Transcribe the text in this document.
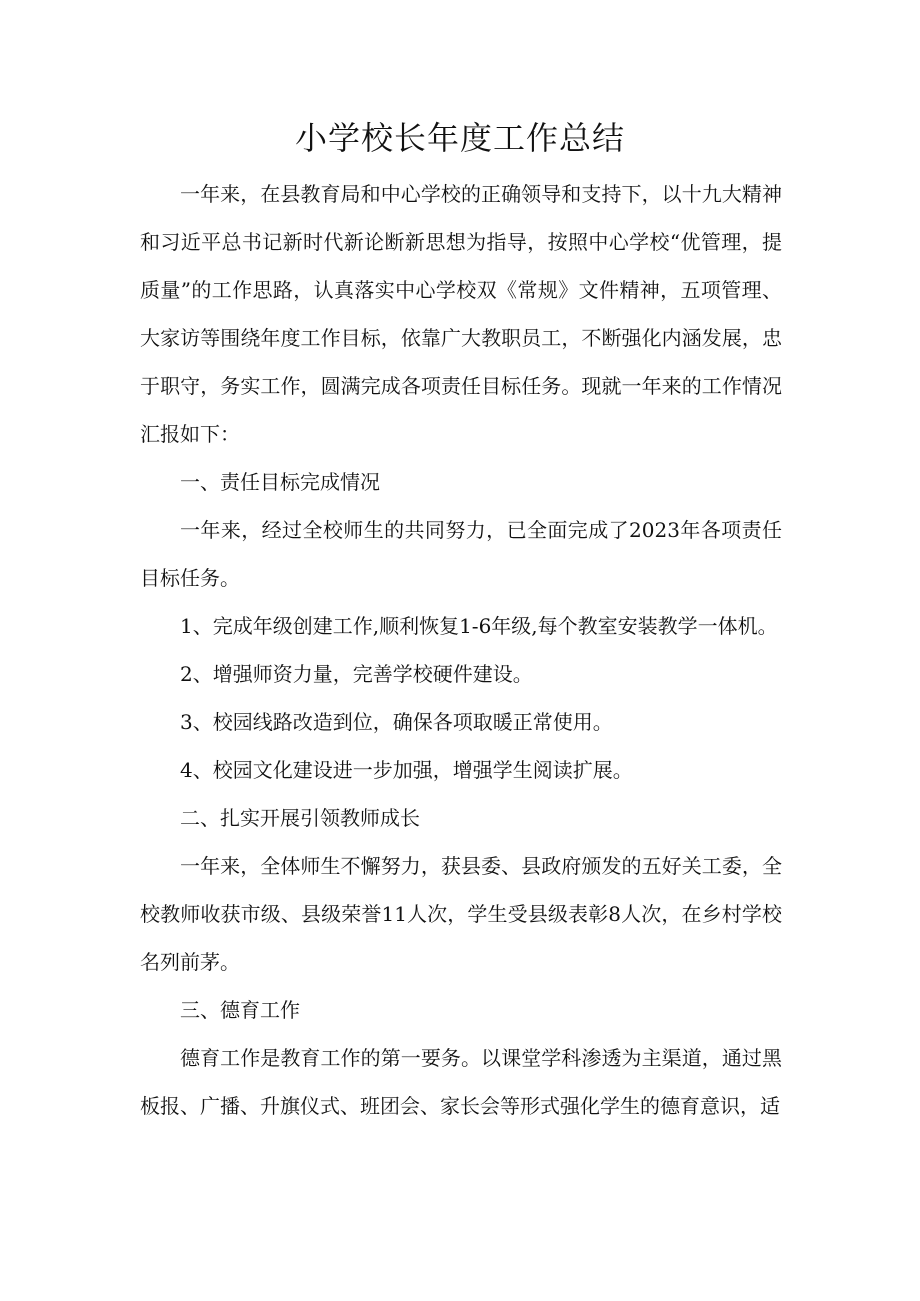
小学校长年度工作总结

一年来，在县教育局和中心学校的正确领导和支持下，以十九大精神和习近平总书记新时代新论断新思想为指导，按照中心学校“优管理，提质量”的工作思路，认真落实中心学校双《常规》文件精神，五项管理、大家访等围绕年度工作目标，依靠广大教职员工，不断强化内涵发展，忠于职守，务实工作，圆满完成各项责任目标任务。现就一年来的工作情况汇报如下：

一、责任目标完成情况

一年来，经过全校师生的共同努力，已全面完成了2023年各项责任目标任务。

1、完成年级创建工作,顺利恢复1-6年级,每个教室安装教学一体机。

2、增强师资力量，完善学校硬件建设。

3、校园线路改造到位，确保各项取暖正常使用。

4、校园文化建设进一步加强，增强学生阅读扩展。

二、扎实开展引领教师成长

一年来，全体师生不懈努力，获县委、县政府颁发的五好关工委，全校教师收获市级、县级荣誉11人次，学生受县级表彰8人次，在乡村学校名列前茅。

三、德育工作

德育工作是教育工作的第一要务。以课堂学科渗透为主渠道，通过黑板报、广播、升旗仪式、班团会、家长会等形式强化学生的德育意识，适
